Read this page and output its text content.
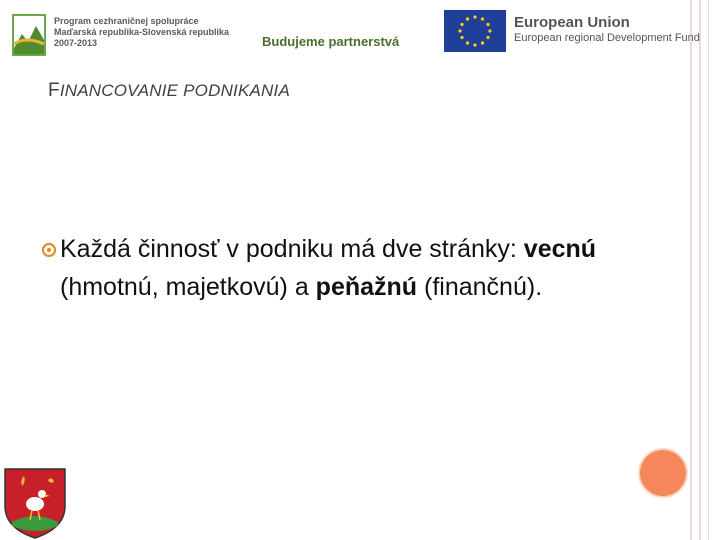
Program cezhraničnej spolupráce
Maďarská republika-Slovenská republika
2007-2013	Budujeme partnerstvá
European Union
European regional Development Fund
FINANCOVANIE PODNIKANIA
Každá činnosť v podniku má dve stránky: vecnú (hmotnú, majetkovú) a peňažnú (finančnú).
